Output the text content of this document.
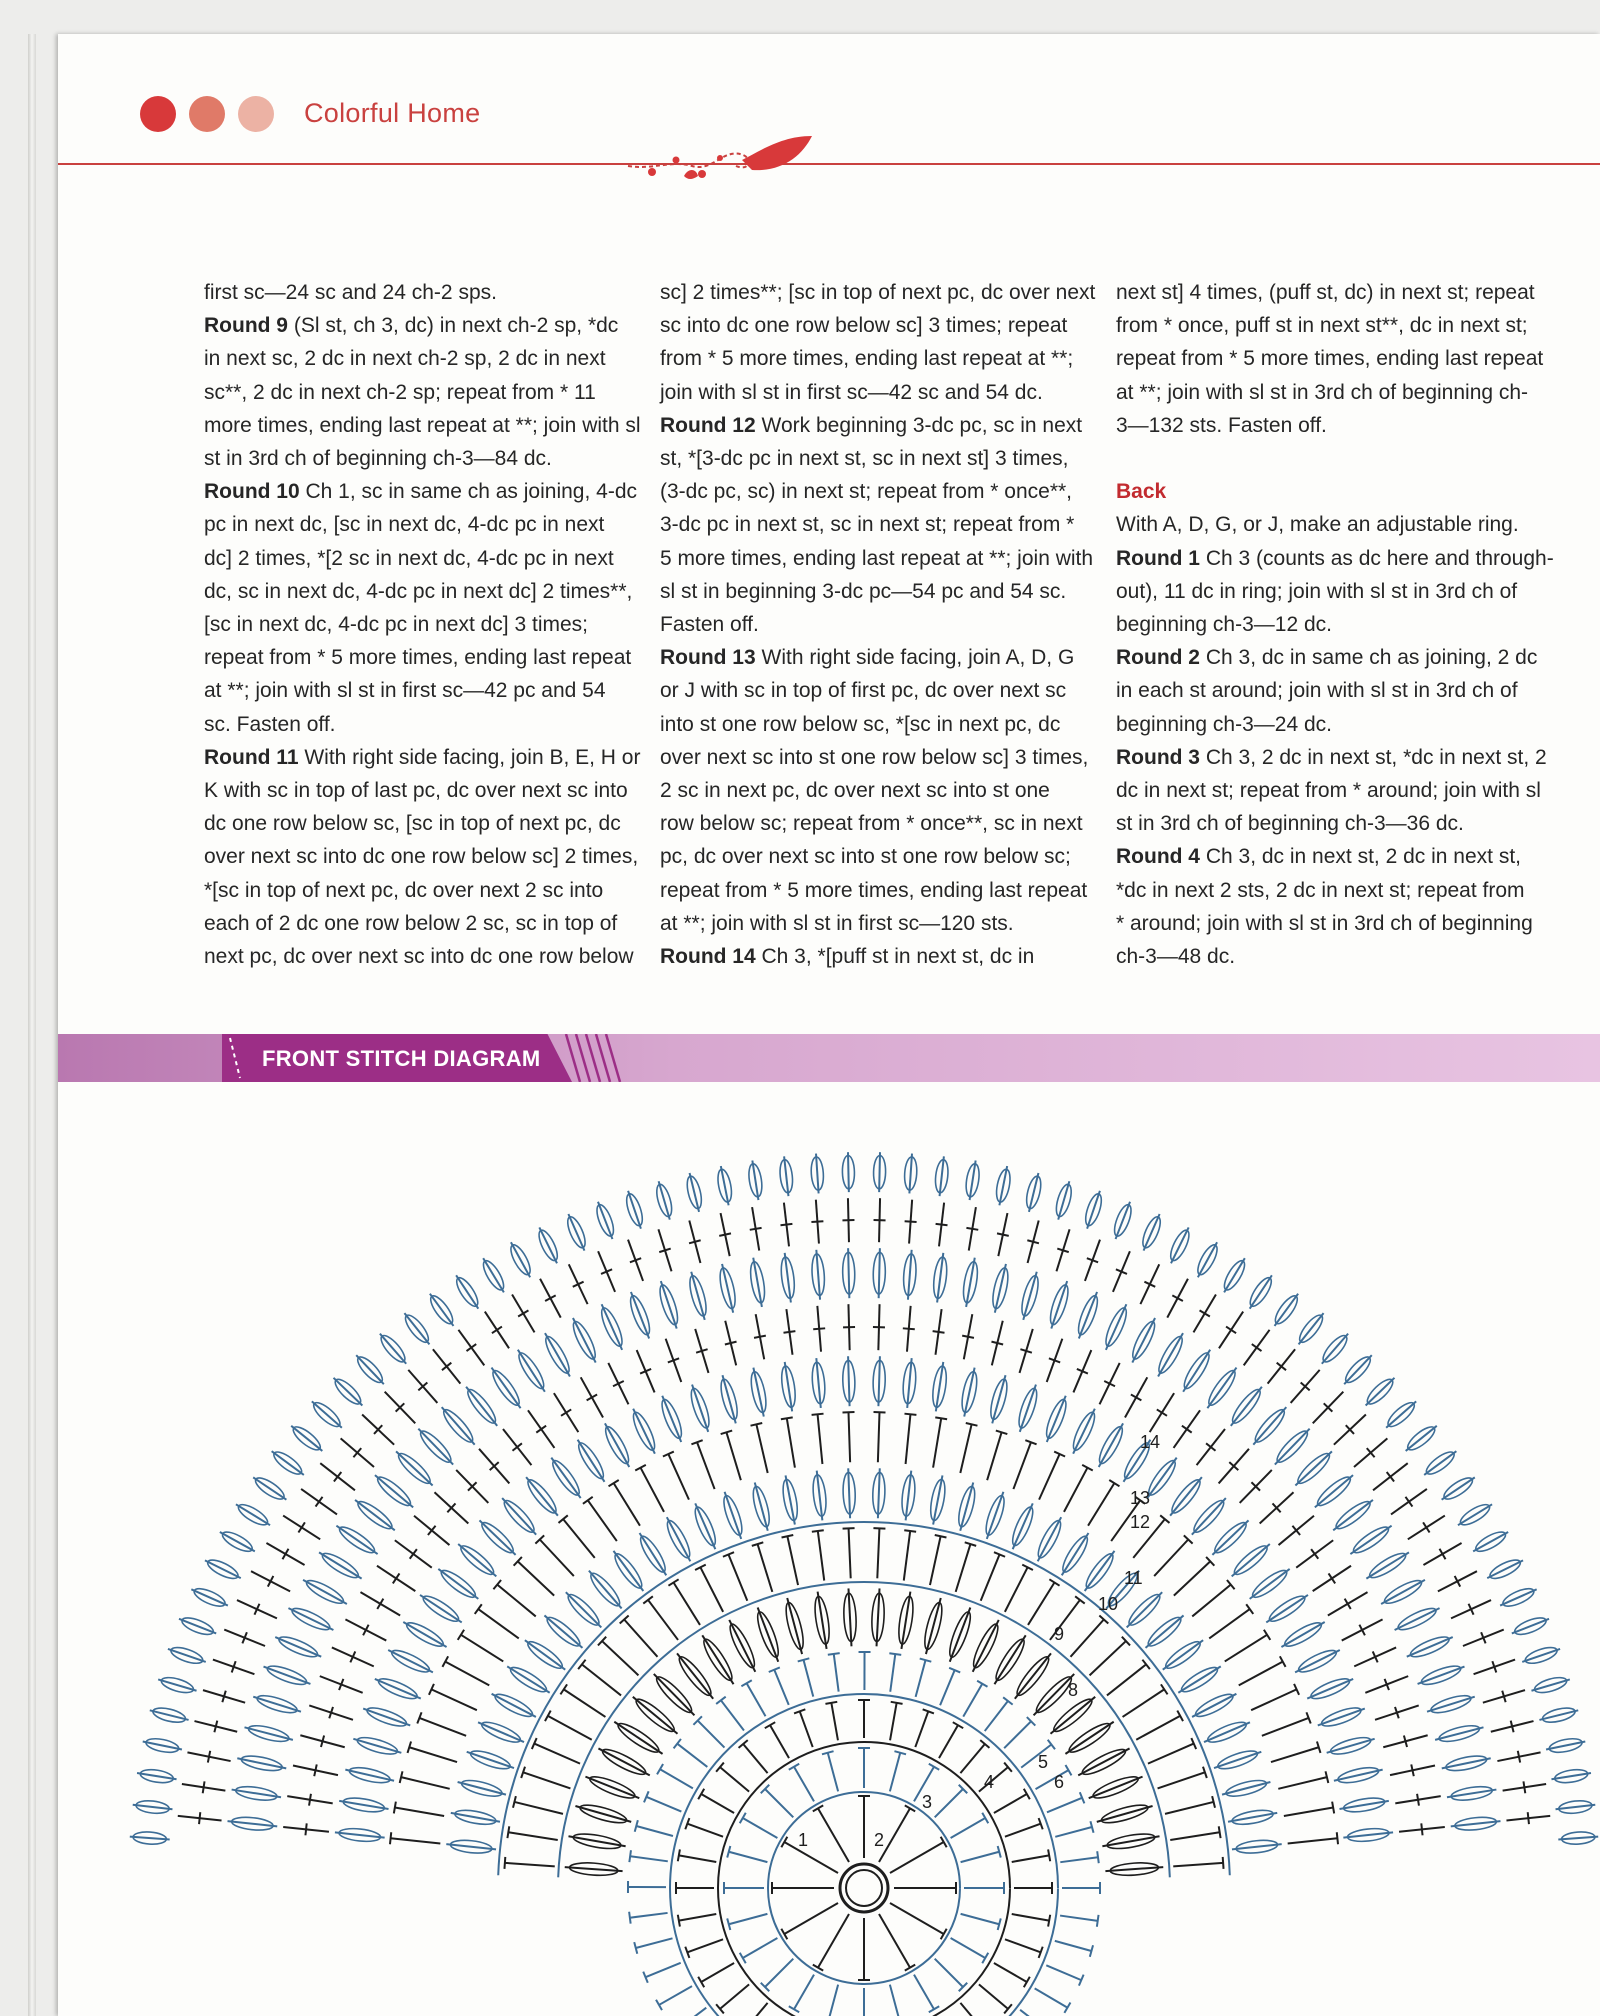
Colorful Home
first sc—24 sc and 24 ch-2 sps.
Round 9 (Sl st, ch 3, dc) in next ch-2 sp, *dc
in next sc, 2 dc in next ch-2 sp, 2 dc in next
sc**, 2 dc in next ch-2 sp; repeat from * 11
more times, ending last repeat at **; join with sl
st in 3rd ch of beginning ch-3—84 dc.
Round 10 Ch 1, sc in same ch as joining, 4-dc
pc in next dc, [sc in next dc, 4-dc pc in next
dc] 2 times, *[2 sc in next dc, 4-dc pc in next
dc, sc in next dc, 4-dc pc in next dc] 2 times**,
[sc in next dc, 4-dc pc in next dc] 3 times;
repeat from * 5 more times, ending last repeat
at **; join with sl st in first sc—42 pc and 54
sc. Fasten off.
Round 11 With right side facing, join B, E, H or
K with sc in top of last pc, dc over next sc into
dc one row below sc, [sc in top of next pc, dc
over next sc into dc one row below sc] 2 times,
*[sc in top of next pc, dc over next 2 sc into
each of 2 dc one row below 2 sc, sc in top of
next pc, dc over next sc into dc one row below
sc] 2 times**; [sc in top of next pc, dc over next
sc into dc one row below sc] 3 times; repeat
from * 5 more times, ending last repeat at **;
join with sl st in first sc—42 sc and 54 dc.
Round 12 Work beginning 3-dc pc, sc in next
st, *[3-dc pc in next st, sc in next st] 3 times,
(3-dc pc, sc) in next st; repeat from * once**,
3-dc pc in next st, sc in next st; repeat from *
5 more times, ending last repeat at **; join with
sl st in beginning 3-dc pc—54 pc and 54 sc.
Fasten off.
Round 13 With right side facing, join A, D, G
or J with sc in top of first pc, dc over next sc
into st one row below sc, *[sc in next pc, dc
over next sc into st one row below sc] 3 times,
2 sc in next pc, dc over next sc into st one
row below sc; repeat from * once**, sc in next
pc, dc over next sc into st one row below sc;
repeat from * 5 more times, ending last repeat
at **; join with sl st in first sc—120 sts.
Round 14 Ch 3, *[puff st in next st, dc in
next st] 4 times, (puff st, dc) in next st; repeat
from * once, puff st in next st**, dc in next st;
repeat from * 5 more times, ending last repeat
at **; join with sl st in 3rd ch of beginning ch-
3—132 sts. Fasten off.

Back
With A, D, G, or J, make an adjustable ring.
Round 1 Ch 3 (counts as dc here and through-
out), 11 dc in ring; join with sl st in 3rd ch of
beginning ch-3—12 dc.
Round 2 Ch 3, dc in same ch as joining, 2 dc
in each st around; join with sl st in 3rd ch of
beginning ch-3—24 dc.
Round 3 Ch 3, 2 dc in next st, *dc in next st, 2
dc in next st; repeat from * around; join with sl
st in 3rd ch of beginning ch-3—36 dc.
Round 4 Ch 3, dc in next st, 2 dc in next st,
*dc in next 2 sts, 2 dc in next st; repeat from
* around; join with sl st in 3rd ch of beginning
ch-3—48 dc.
FRONT STITCH DIAGRAM
1	2
3
4
5
6
8
9
10
11
12
13
14
